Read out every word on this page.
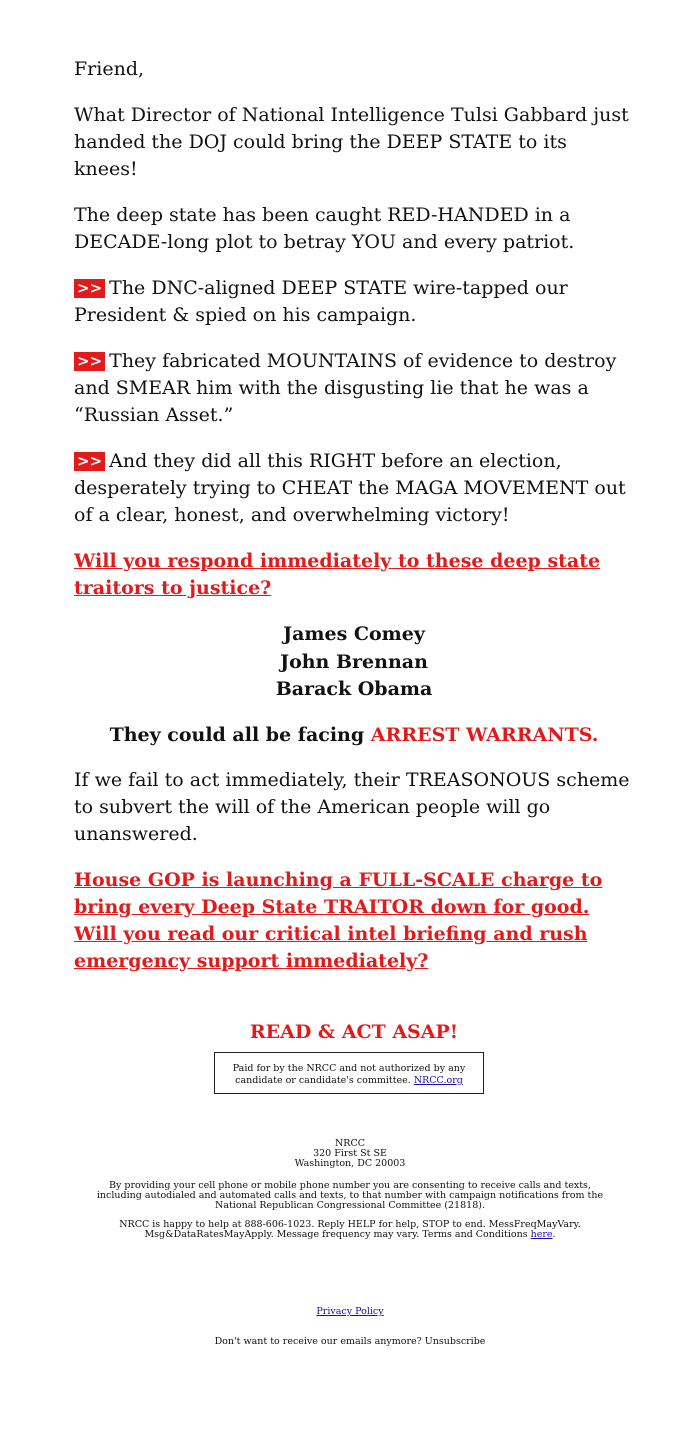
Friend,

What Director of National Intelligence Tulsi Gabbard just handed the DOJ could bring the DEEP STATE to its knees!

The deep state has been caught RED-HANDED in a DECADE-long plot to betray YOU and every patriot.

>> The DNC-aligned DEEP STATE wire-tapped our President & spied on his campaign.

>> They fabricated MOUNTAINS of evidence to destroy and SMEAR him with the disgusting lie that he was a “Russian Asset.”

>> And they did all this RIGHT before an election, desperately trying to CHEAT the MAGA MOVEMENT out of a clear, honest, and overwhelming victory!

Will you respond immediately to these deep state traitors to justice?

James Comey
John Brennan
Barack Obama
They could all be facing ARREST WARRANTS.

If we fail to act immediately, their TREASONOUS scheme to subvert the will of the American people will go unanswered.

House GOP is launching a FULL-SCALE charge to bring every Deep State TRAITOR down for good. Will you read our critical intel briefing and rush emergency support immediately?
READ & ACT ASAP!
Paid for by the NRCC and not authorized by any candidate or candidate's committee. NRCC.org
NRCC
320 First St SE
Washington, DC 20003
By providing your cell phone or mobile phone number you are consenting to receive calls and texts, including autodialed and automated calls and texts, to that number with campaign notifications from the National Republican Congressional Committee (21818).
NRCC is happy to help at 888-606-1023. Reply HELP for help, STOP to end. MessFreqMayVary. Msg&DataRatesMayApply. Message frequency may vary. Terms and Conditions here.
Privacy Policy
Don't want to receive our emails anymore? Unsubscribe
